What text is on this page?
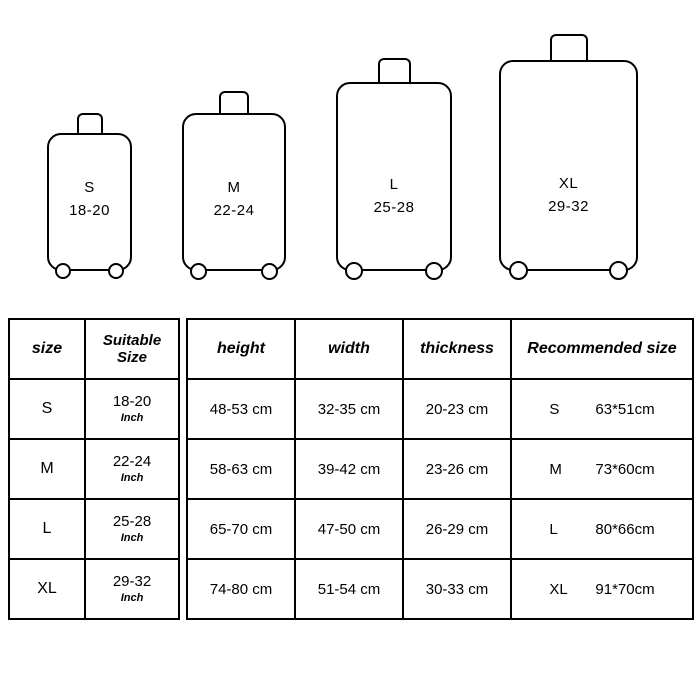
S
18-20
M
22-24
L
25-28
XL
29-32
size	Suitable
Size

S	18-20
Inch

M	22-24
Inch

L	25-28
Inch

XL	29-32
Inch
height	width	thickness	Recommended size
48-53 cm	32-35 cm	20-23 cm	S 63*51cm

58-63 cm	39-42 cm	23-26 cm	M 73*60cm

65-70 cm	47-50 cm	26-29 cm	L 80*66cm

74-80 cm	51-54 cm	30-33 cm	XL 91*70cm
